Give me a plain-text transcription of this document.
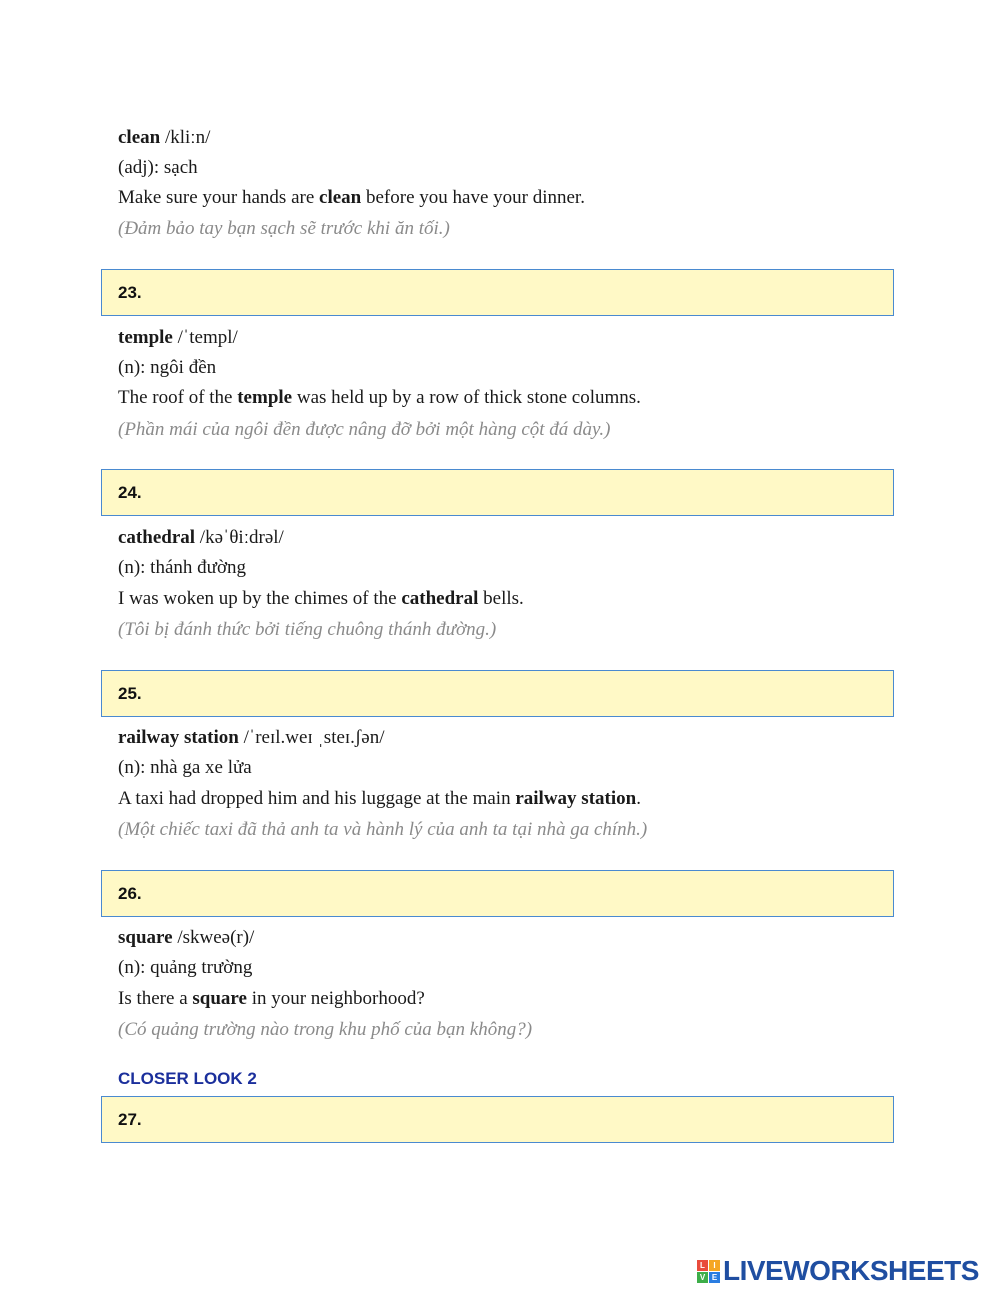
clean /kliːn/
(adj): sạch
Make sure your hands are clean before you have your dinner.
(Đảm bảo tay bạn sạch sẽ trước khi ăn tối.)
23.
temple /ˈtempl/
(n): ngôi đền
The roof of the temple was held up by a row of thick stone columns.
(Phần mái của ngôi đền được nâng đỡ bởi một hàng cột đá dày.)
24.
cathedral /kəˈθiːdrəl/
(n): thánh đường
I was woken up by the chimes of the cathedral bells.
(Tôi bị đánh thức bởi tiếng chuông thánh đường.)
25.
railway station /ˈreɪl.weɪ ˌsteɪ.ʃən/
(n): nhà ga xe lửa
A taxi had dropped him and his luggage at the main railway station.
(Một chiếc taxi đã thả anh ta và hành lý của anh ta tại nhà ga chính.)
26.
square /skweə(r)/
(n): quảng trường
Is there a square in your neighborhood?
(Có quảng trường nào trong khu phố của bạn không?)
CLOSER LOOK 2
27.
L	I
V E LIVEWORKSHEETS
